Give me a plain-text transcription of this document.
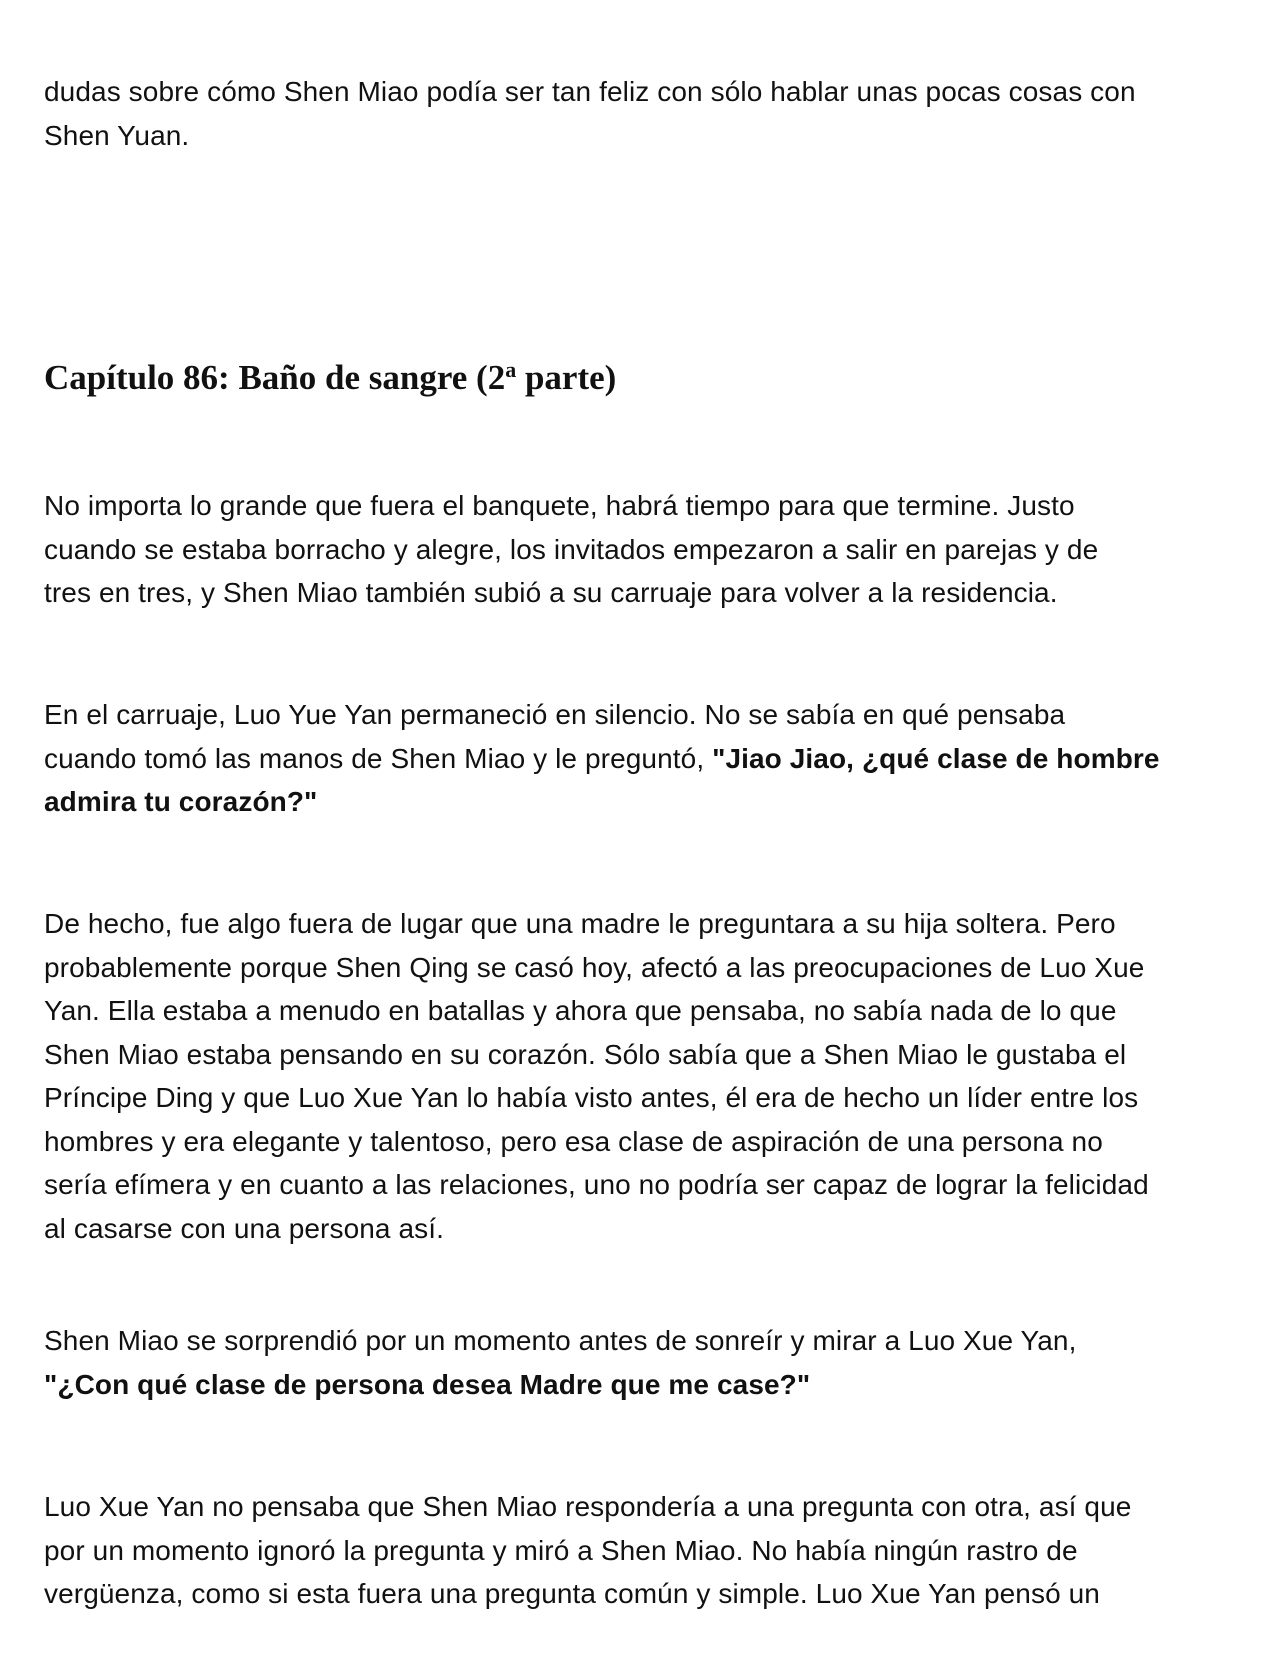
dudas sobre cómo Shen Miao podía ser tan feliz con sólo hablar unas pocas cosas con
Shen Yuan.

Capítulo 86: Baño de sangre (2$^a$ parte)

No importa lo grande que fuera el banquete, habrá tiempo para que termine. Justo
cuando se estaba borracho y alegre, los invitados empezaron a salir en parejas y de
tres en tres, y Shen Miao también subió a su carruaje para volver a la residencia.

En el carruaje, Luo Yue Yan permaneció en silencio. No se sabía en qué pensaba
cuando tomó las manos de Shen Miao y le preguntó, "Jiao Jiao, ¿qué clase de hombre
admira tu corazón?"

De hecho, fue algo fuera de lugar que una madre le preguntara a su hija soltera. Pero
probablemente porque Shen Qing se casó hoy, afectó a las preocupaciones de Luo Xue
Yan. Ella estaba a menudo en batallas y ahora que pensaba, no sabía nada de lo que
Shen Miao estaba pensando en su corazón. Sólo sabía que a Shen Miao le gustaba el
Príncipe Ding y que Luo Xue Yan lo había visto antes, él era de hecho un líder entre los
hombres y era elegante y talentoso, pero esa clase de aspiración de una persona no
sería efímera y en cuanto a las relaciones, uno no podría ser capaz de lograr la felicidad
al casarse con una persona así.

Shen Miao se sorprendió por un momento antes de sonreír y mirar a Luo Xue Yan,
"¿Con qué clase de persona desea Madre que me case?"

Luo Xue Yan no pensaba que Shen Miao respondería a una pregunta con otra, así que
por un momento ignoró la pregunta y miró a Shen Miao. No había ningún rastro de
vergüenza, como si esta fuera una pregunta común y simple. Luo Xue Yan pensó un
